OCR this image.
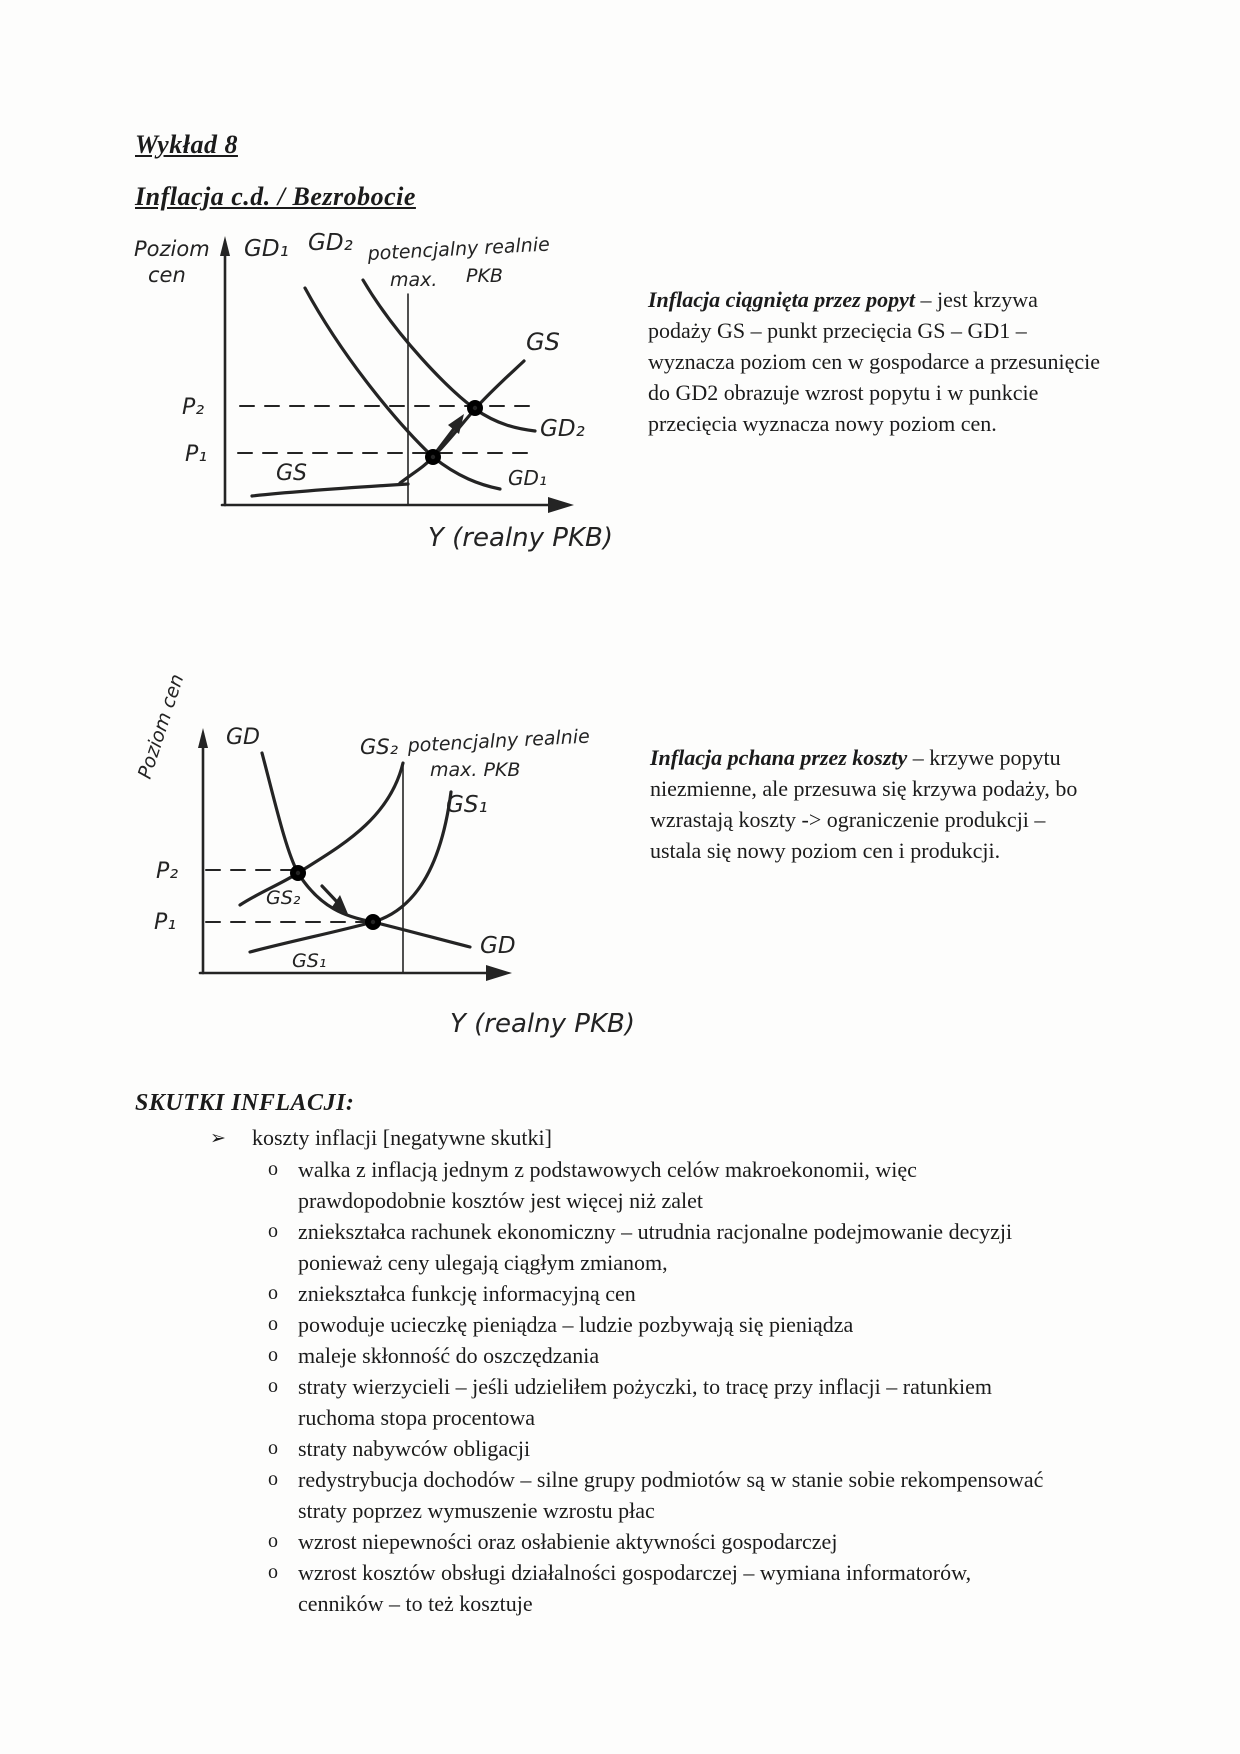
Wykład 8
Inflacja c.d. / Bezrobocie
Poziom
cen
GD₁ GD₂ potencjalny realnie
max. PKB
GS
GD₂
GD₁
GS
P₂
P₁
Y (realny PKB)

Inflacja ciągnięta przez popyt – jest krzywa podaży GS – punkt przecięcia GS – GD1 – wyznacza poziom cen w gospodarce a przesunięcie do GD2 obrazuje wzrost popytu i w punkcie przecięcia wyznacza nowy poziom cen.

Poziom cen GD	GS₂ potencjalny realnie
max. PKB
GS₁
GS₂
GS₁
GD
P₂
P₁
Y (realny PKB)

Inflacja pchana przez koszty – krzywe popytu niezmienne, ale przesuwa się krzywa podaży, bo wzrastają koszty -> ograniczenie produkcji – ustala się nowy poziom cen i produkcji.

SKUTKI INFLACJI:
➢	koszty inflacji [negatywne skutki]
o walka z inflacją jednym z podstawowych celów makroekonomii, więc prawdopodobnie kosztów jest więcej niż zalet
o zniekształca rachunek ekonomiczny – utrudnia racjonalne podejmowanie decyzji ponieważ ceny ulegają ciągłym zmianom,
o zniekształca funkcję informacyjną cen
o powoduje ucieczkę pieniądza – ludzie pozbywają się pieniądza
o maleje skłonność do oszczędzania
o straty wierzycieli – jeśli udzieliłem pożyczki, to tracę przy inflacji – ratunkiem ruchoma stopa procentowa
o straty nabywców obligacji
o redystrybucja dochodów – silne grupy podmiotów są w stanie sobie rekompensować straty poprzez wymuszenie wzrostu płac
o wzrost niepewności oraz osłabienie aktywności gospodarczej
o wzrost kosztów obsługi działalności gospodarczej – wymiana informatorów, cenników – to też kosztuje
